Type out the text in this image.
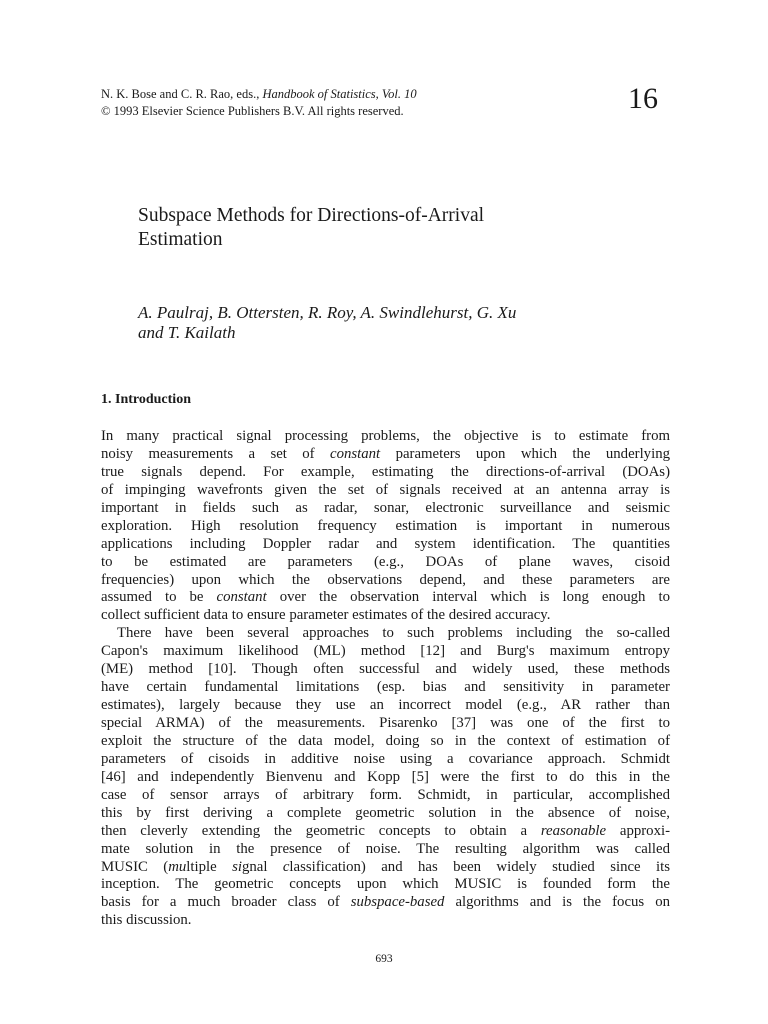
N. K. Bose and C. R. Rao, eds., Handbook of Statistics, Vol. 10
© 1993 Elsevier Science Publishers B.V. All rights reserved.	16
Subspace Methods for Directions-of-Arrival
Estimation
A. Paulraj, B. Ottersten, R. Roy, A. Swindlehurst, G. Xu
and T. Kailath
1. Introduction
In many practical signal processing problems, the objective is to estimate from
noisy measurements a set of constant parameters upon which the underlying
true signals depend. For example, estimating the directions-of-arrival (DOAs)
of impinging wavefronts given the set of signals received at an antenna array is
important in fields such as radar, sonar, electronic surveillance and seismic
exploration. High resolution frequency estimation is important in numerous
applications including Doppler radar and system identification. The quantities
to be estimated are parameters (e.g., DOAs of plane waves, cisoid
frequencies) upon which the observations depend, and these parameters are
assumed to be constant over the observation interval which is long enough to
collect sufficient data to ensure parameter estimates of the desired accuracy.
There have been several approaches to such problems including the so-called
Capon's maximum likelihood (ML) method [12] and Burg's maximum entropy
(ME) method [10]. Though often successful and widely used, these methods
have certain fundamental limitations (esp. bias and sensitivity in parameter
estimates), largely because they use an incorrect model (e.g., AR rather than
special ARMA) of the measurements. Pisarenko [37] was one of the first to
exploit the structure of the data model, doing so in the context of estimation of
parameters of cisoids in additive noise using a covariance approach. Schmidt
[46] and independently Bienvenu and Kopp [5] were the first to do this in the
case of sensor arrays of arbitrary form. Schmidt, in particular, accomplished
this by first deriving a complete geometric solution in the absence of noise,
then cleverly extending the geometric concepts to obtain a reasonable approxi-
mate solution in the presence of noise. The resulting algorithm was called
MUSIC (multiple signal classification) and has been widely studied since its
inception. The geometric concepts upon which MUSIC is founded form the
basis for a much broader class of subspace-based algorithms and is the focus on
this discussion.
693
